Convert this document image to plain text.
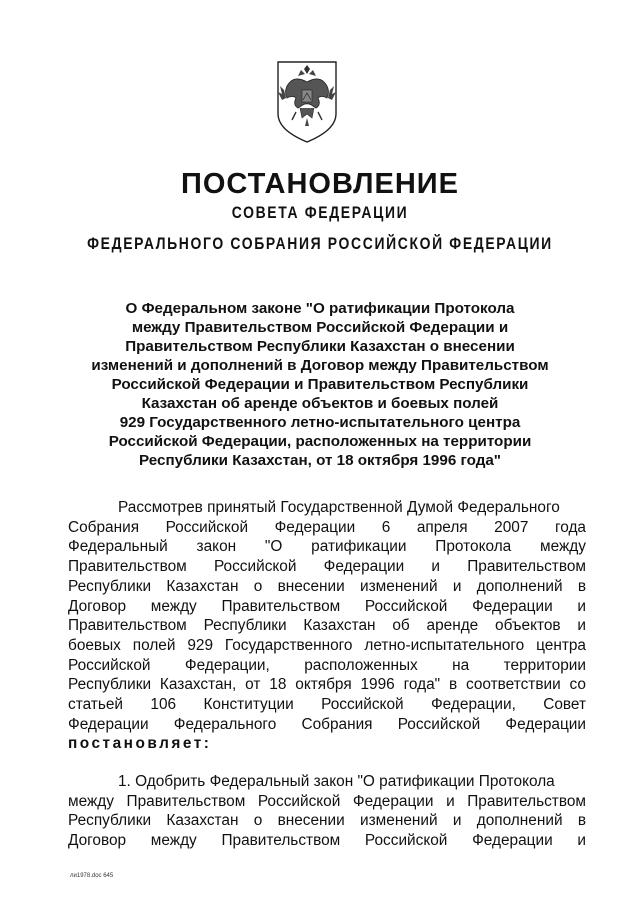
ПОСТАНОВЛЕНИЕ
СОВЕТА ФЕДЕРАЦИИ
ФЕДЕРАЛЬНОГО СОБРАНИЯ РОССИЙСКОЙ ФЕДЕРАЦИИ
О Федеральном законе "О ратификации Протокола
между Правительством Российской Федерации и
Правительством Республики Казахстан о внесении
изменений и дополнений в Договор между Правительством
Российской Федерации и Правительством Республики
Казахстан об аренде объектов и боевых полей
929 Государственного летно-испытательного центра
Российской Федерации, расположенных на территории
Республики Казахстан, от 18 октября 1996 года"
Рассмотрев принятый Государственной Думой Федерального
Собрания Российской Федерации 6 апреля 2007 года
Федеральный закон "О ратификации Протокола между
Правительством Российской Федерации и Правительством
Республики Казахстан о внесении изменений и дополнений в
Договор между Правительством Российской Федерации и
Правительством Республики Казахстан об аренде объектов и
боевых полей 929 Государственного летно-испытательного центра
Российской Федерации, расположенных на территории
Республики Казахстан, от 18 октября 1996 года" в соответствии со
статьей 106 Конституции Российской Федерации, Совет
Федерации Федерального Собрания Российской Федерации
постановляет:
1. Одобрить Федеральный закон "О ратификации Протокола
между Правительством Российской Федерации и Правительством
Республики Казахстан о внесении изменений и дополнений в
Договор между Правительством Российской Федерации и
ли1978.doc 645
